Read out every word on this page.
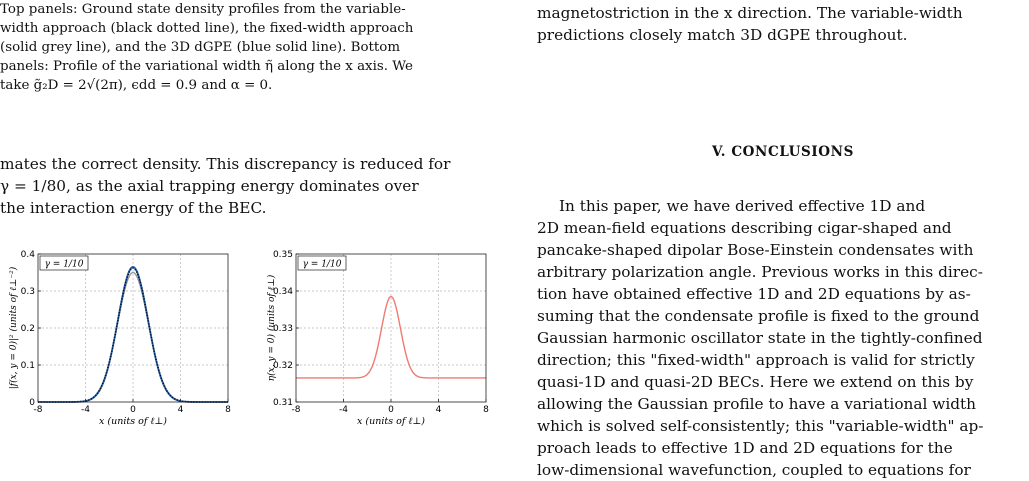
Top panels: Ground state density profiles from the variable-
width approach (black dotted line), the fixed-width approach
(solid grey line), and the 3D dGPE (blue solid line). Bottom
panels: Profile of the variational width η̃ along the x axis. We
take g̃₂D = 2√(2π), ϵdd = 0.9 and α = 0.
mates the correct density. This discrepancy is reduced for
γ = 1/80, as the axial trapping energy dominates over
the interaction energy of the BEC.
-8	-4	0	4	8
0
0.1
0.2
0.3
0.4
γ = 1/10
x (units of ℓ⊥)
|f(x, y = 0)|² (units of ℓ⊥⁻²)
-8	-4	0	4	8
0.31
0.32
0.33
0.34
0.35
γ = 1/10
x (units of ℓ⊥)
η(x, y = 0) (units of ℓ⊥)
magnetostriction in the x direction. The variable-width
predictions closely match 3D dGPE throughout.
V. CONCLUSIONS
In this paper, we have derived effective 1D and
2D mean-field equations describing cigar-shaped and
pancake-shaped dipolar Bose-Einstein condensates with
arbitrary polarization angle. Previous works in this direc-
tion have obtained effective 1D and 2D equations by as-
suming that the condensate profile is fixed to the ground
Gaussian harmonic oscillator state in the tightly-confined
direction; this "fixed-width" approach is valid for strictly
quasi-1D and quasi-2D BECs. Here we extend on this by
allowing the Gaussian profile to have a variational width
which is solved self-consistently; this "variable-width" ap-
proach leads to effective 1D and 2D equations for the
low-dimensional wavefunction, coupled to equations for
